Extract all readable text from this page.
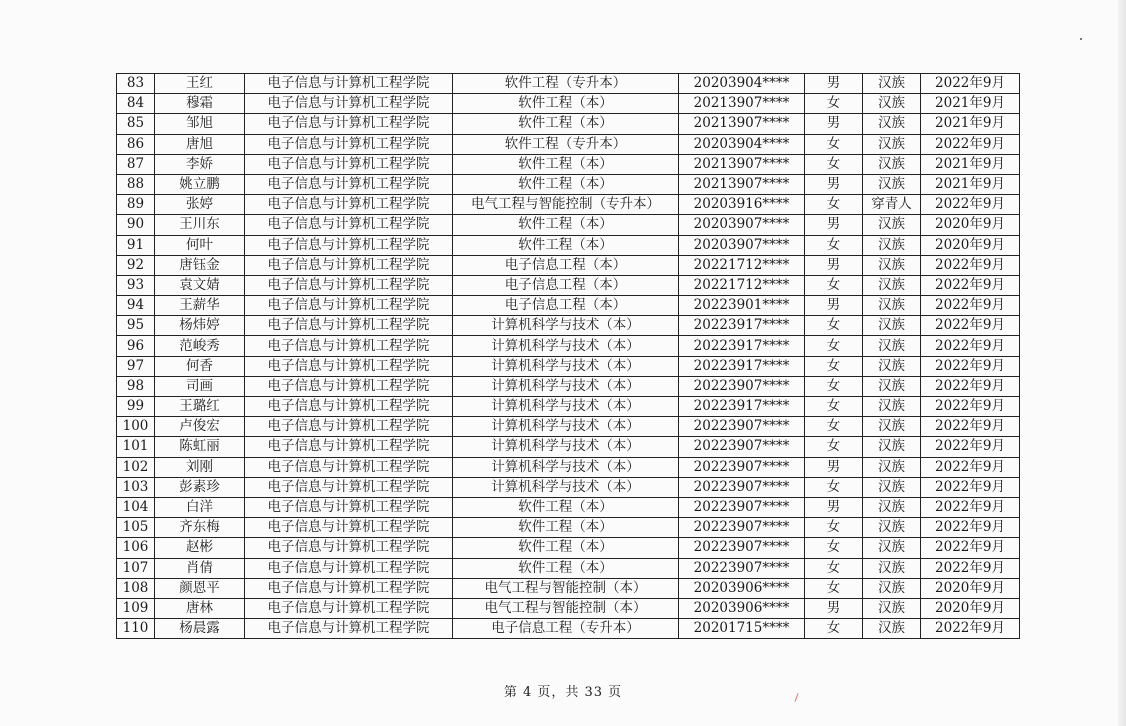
83	王红	电子信息与计算机工程学院	软件工程（专升本）	20203904****	男	汉族	2022年9月
84	穆霜	电子信息与计算机工程学院	软件工程（本）	20213907****	女	汉族	2021年9月
85	邹旭	电子信息与计算机工程学院	软件工程（本）	20213907****	男	汉族	2021年9月
86	唐旭	电子信息与计算机工程学院	软件工程（专升本）	20203904****	女	汉族	2022年9月
87	李娇	电子信息与计算机工程学院	软件工程（本）	20213907****	女	汉族	2021年9月
88	姚立鹏	电子信息与计算机工程学院	软件工程（本）	20213907****	男	汉族	2021年9月
89	张婷	电子信息与计算机工程学院	电气工程与智能控制（专升本）	20203916****	女	穿青人	2022年9月
90	王川东	电子信息与计算机工程学院	软件工程（本）	20203907****	男	汉族	2020年9月
91	何叶	电子信息与计算机工程学院	软件工程（本）	20203907****	女	汉族	2020年9月
92	唐钰金	电子信息与计算机工程学院	电子信息工程（本）	20221712****	男	汉族	2022年9月
93	袁文婧	电子信息与计算机工程学院	电子信息工程（本）	20221712****	女	汉族	2022年9月
94	王薪华	电子信息与计算机工程学院	电子信息工程（本）	20223901****	男	汉族	2022年9月
95	杨炜婷	电子信息与计算机工程学院	计算机科学与技术（本）	20223917****	女	汉族	2022年9月
96	范峻秀	电子信息与计算机工程学院	计算机科学与技术（本）	20223917****	女	汉族	2022年9月
97	何香	电子信息与计算机工程学院	计算机科学与技术（本）	20223917****	女	汉族	2022年9月
98	司画	电子信息与计算机工程学院	计算机科学与技术（本）	20223907****	女	汉族	2022年9月
99	王璐红	电子信息与计算机工程学院	计算机科学与技术（本）	20223917****	女	汉族	2022年9月
100	卢俊宏	电子信息与计算机工程学院	计算机科学与技术（本）	20223907****	女	汉族	2022年9月
101	陈虹丽	电子信息与计算机工程学院	计算机科学与技术（本）	20223907****	女	汉族	2022年9月
102	刘刚	电子信息与计算机工程学院	计算机科学与技术（本）	20223907****	男	汉族	2022年9月
103	彭素珍	电子信息与计算机工程学院	计算机科学与技术（本）	20223907****	女	汉族	2022年9月
104	白洋	电子信息与计算机工程学院	软件工程（本）	20223907****	男	汉族	2022年9月
105	齐东梅	电子信息与计算机工程学院	软件工程（本）	20223907****	女	汉族	2022年9月
106	赵彬	电子信息与计算机工程学院	软件工程（本）	20223907****	女	汉族	2022年9月
107	肖倩	电子信息与计算机工程学院	软件工程（本）	20223907****	女	汉族	2022年9月
108	颜恩平	电子信息与计算机工程学院	电气工程与智能控制（本）	20203906****	女	汉族	2020年9月
109	唐林	电子信息与计算机工程学院	电气工程与智能控制（本）	20203906****	男	汉族	2020年9月
110	杨晨露	电子信息与计算机工程学院	电子信息工程（专升本）	20201715****	女	汉族	2022年9月
第 4 页，共 33 页
